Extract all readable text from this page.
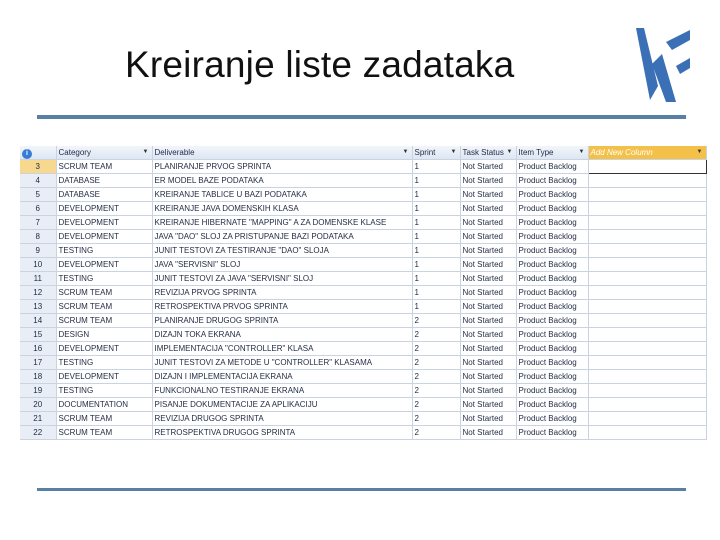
Kreiranje liste zadataka
i	Category ▼	Deliverable ▼	Sprint ▼	Task Status ▼	Item Type ▼	Add New Column ▼

3	SCRUM TEAM	PLANIRANJE PRVOG SPRINTA	1	Not Started	Product Backlog	
4	DATABASE	ER MODEL BAZE PODATAKA	1	Not Started	Product Backlog	
5	DATABASE	KREIRANJE TABLICE U BAZI PODATAKA	1	Not Started	Product Backlog	
6	DEVELOPMENT	KREIRANJE JAVA DOMENSKIH KLASA	1	Not Started	Product Backlog	
7	DEVELOPMENT	KREIRANJE HIBERNATE "MAPPING" A ZA DOMENSKE KLASE	1	Not Started	Product Backlog	
8	DEVELOPMENT	JAVA "DAO" SLOJ ZA PRISTUPANJE BAZI PODATAKA	1	Not Started	Product Backlog	
9	TESTING	JUNIT TESTOVI ZA TESTIRANJE "DAO" SLOJA	1	Not Started	Product Backlog	
10	DEVELOPMENT	JAVA "SERVISNI" SLOJ	1	Not Started	Product Backlog	
11	TESTING	JUNIT TESTOVI ZA JAVA "SERVISNI" SLOJ	1	Not Started	Product Backlog	
12	SCRUM TEAM	REVIZIJA PRVOG SPRINTA	1	Not Started	Product Backlog	
13	SCRUM TEAM	RETROSPEKTIVA PRVOG SPRINTA	1	Not Started	Product Backlog	
14	SCRUM TEAM	PLANIRANJE DRUGOG SPRINTA	2	Not Started	Product Backlog	
15	DESIGN	DIZAJN TOKA EKRANA	2	Not Started	Product Backlog	
16	DEVELOPMENT	IMPLEMENTACIJA "CONTROLLER" KLASA	2	Not Started	Product Backlog	
17	TESTING	JUNIT TESTOVI ZA METODE U "CONTROLLER" KLASAMA	2	Not Started	Product Backlog	
18	DEVELOPMENT	DIZAJN I IMPLEMENTACIJA EKRANA	2	Not Started	Product Backlog	
19	TESTING	FUNKCIONALNO TESTIRANJE EKRANA	2	Not Started	Product Backlog	
20	DOCUMENTATION	PISANJE DOKUMENTACIJE ZA APLIKACIJU	2	Not Started	Product Backlog	
21	SCRUM TEAM	REVIZIJA DRUGOG SPRINTA	2	Not Started	Product Backlog	
22	SCRUM TEAM	RETROSPEKTIVA DRUGOG SPRINTA	2	Not Started	Product Backlog	
